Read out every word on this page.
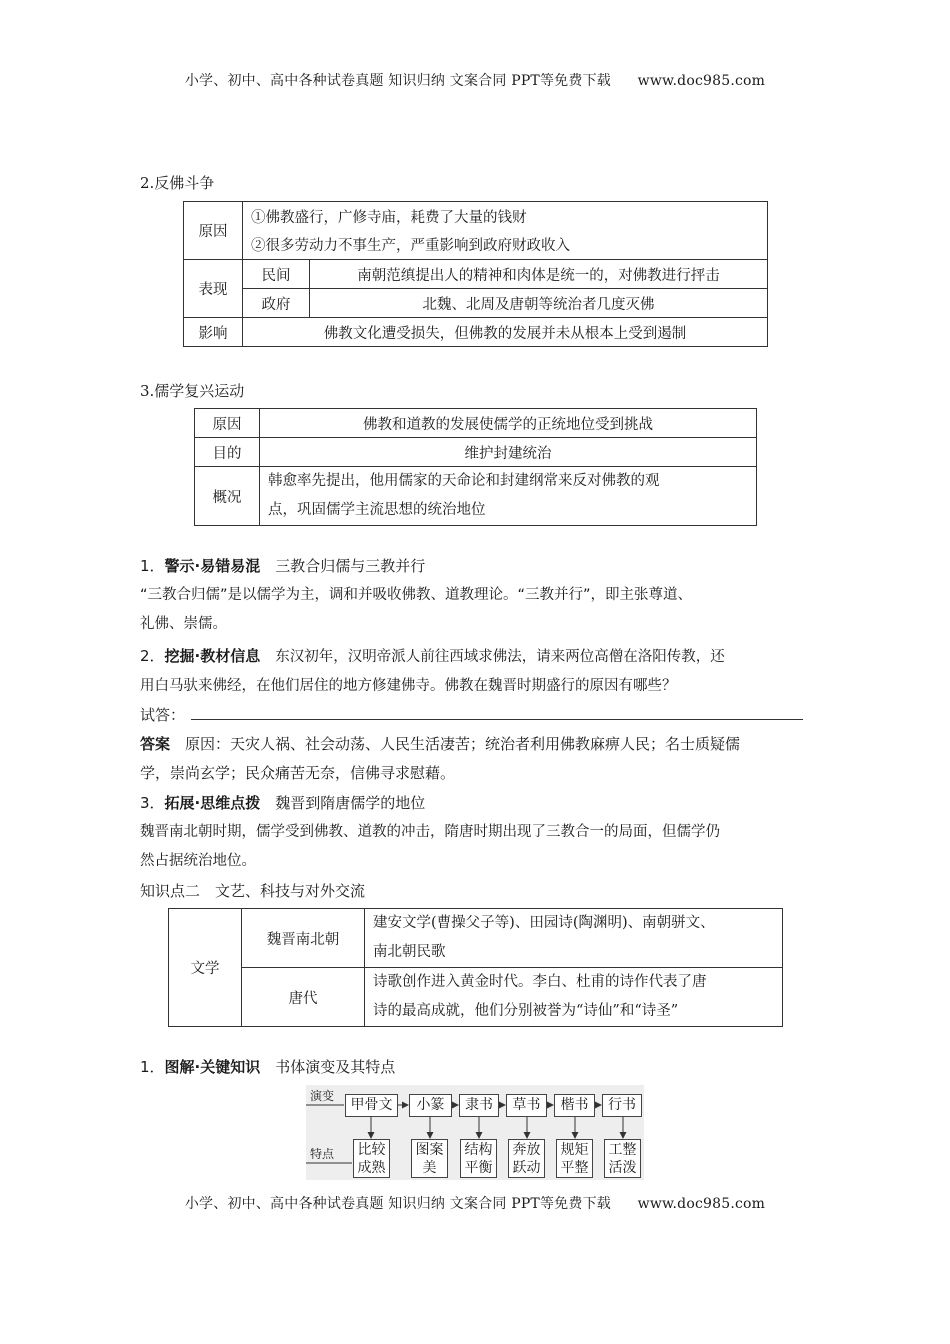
小学、初中、高中各种试卷真题 知识归纳 文案合同 PPT等免费下载 www.doc985.com
2.反佛斗争
原因	①佛教盛行，广修寺庙，耗费了大量的钱财	
	②很多劳动力不事生产，严重影响到政府财政收入	
表现	民间	南朝范缜提出人的精神和肉体是统一的，对佛教进行抨击
	政府	北魏、北周及唐朝等统治者几度灭佛
影响	佛教文化遭受损失，但佛教的发展并未从根本上受到遏制	
3.儒学复兴运动
原因	佛教和道教的发展使儒学的正统地位受到挑战
目的	维护封建统治
概况	韩愈率先提出，他用儒家的天命论和封建纲常来反对佛教的观
点，巩固儒学主流思想的统治地位
1．警示·易错易混　 三教合归儒与三教并行
“三教合归儒”是以儒学为主，调和并吸收佛教、道教理论。“三教并行”，即主张尊道、
礼佛、崇儒。
2．挖掘·教材信息　 东汉初年，汉明帝派人前往西域求佛法，请来两位高僧在洛阳传教，还
用白马驮来佛经，在他们居住的地方修建佛寺。佛教在魏晋时期盛行的原因有哪些？
试答：
答案　 原因：天灾人祸、社会动荡、人民生活凄苦；统治者利用佛教麻痹人民；名士质疑儒
学，崇尚玄学；民众痛苦无奈，信佛寻求慰藉。
3．拓展·思维点拨　 魏晋到隋唐儒学的地位
魏晋南北朝时期，儒学受到佛教、道教的冲击，隋唐时期出现了三教合一的局面，但儒学仍
然占据统治地位。
知识点二　文艺、科技与对外交流
文学	魏晋南北朝	建安文学(曹操父子等)、田园诗(陶渊明)、南朝骈文、
南北朝民歌

	唐代	诗歌创作进入黄金时代。李白、杜甫的诗作代表了唐
诗的最高成就，他们分别被誉为“诗仙”和“诗圣”
1．图解·关键知识　 书体演变及其特点
演变
特点
甲骨文	小篆	隶书	草书	楷书	行书
比较
成熟
图案
美
结构
平衡
奔放
跃动
规矩
平整
工整
活泼
小学、初中、高中各种试卷真题 知识归纳 文案合同 PPT等免费下载 www.doc985.com
